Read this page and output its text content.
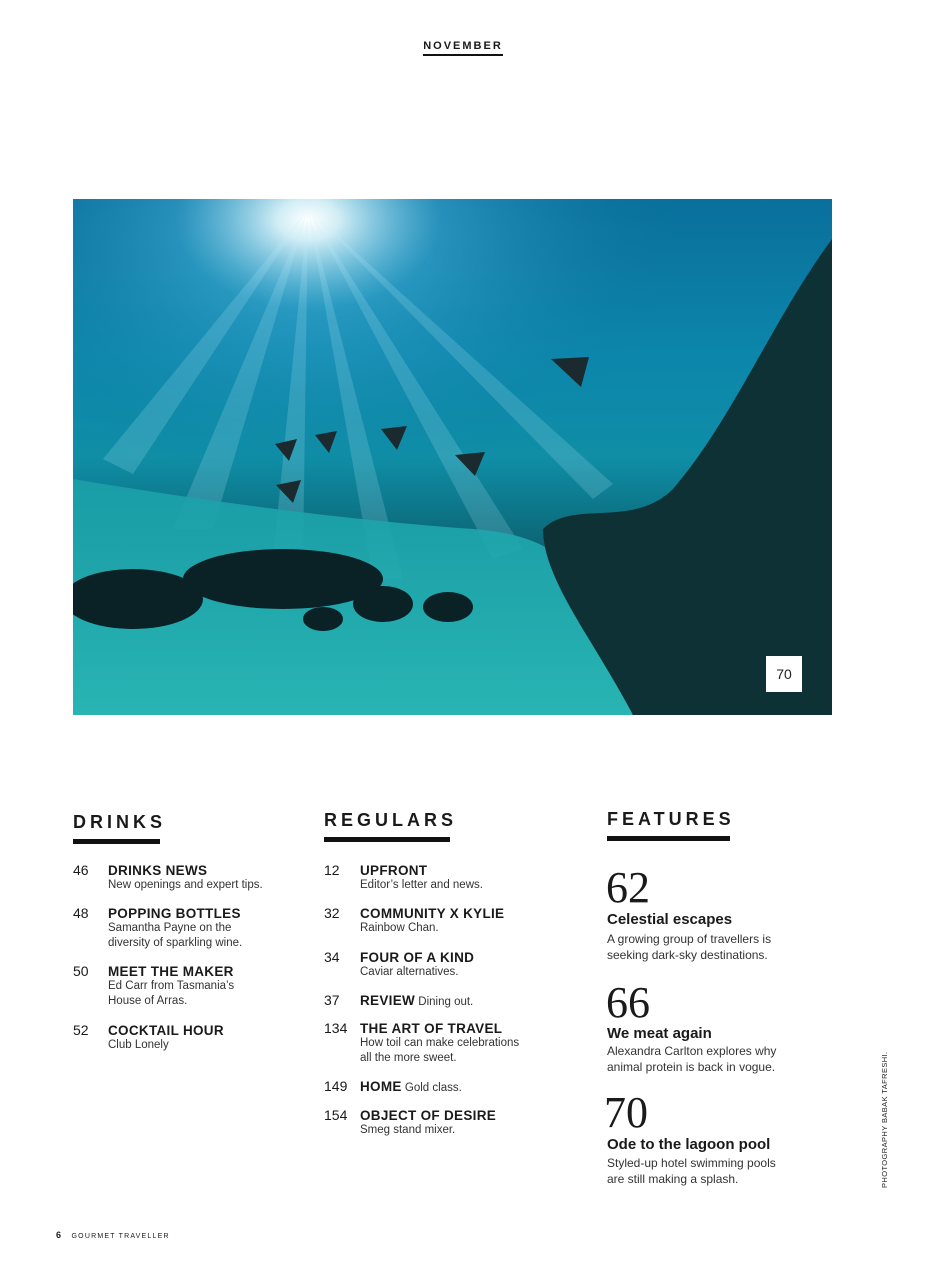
NOVEMBER
70
DRINKS
46 DRINKS NEWS
New openings and expert tips.
48 POPPING BOTTLES
Samantha Payne on the
diversity of sparkling wine.
50 MEET THE MAKER
Ed Carr from Tasmania’s
House of Arras.
52 COCKTAIL HOUR
Club Lonely
REGULARS
12 UPFRONT
Editor’s letter and news.
32 COMMUNITY X KYLIE
Rainbow Chan.
34 FOUR OF A KIND
Caviar alternatives.
37 REVIEW Dining out.
134 THE ART OF TRAVEL
How toil can make celebrations
all the more sweet.
149 HOME Gold class.
154 OBJECT OF DESIRE
Smeg stand mixer.
FEATURES
62
Celestial escapes
A growing group of travellers is
seeking dark-sky destinations.
66
We meat again
Alexandra Carlton explores why
animal protein is back in vogue.
70
Ode to the lagoon pool
Styled-up hotel swimming pools
are still making a splash.	PHOTOGRAPHY BABAK TAFRESHI.
6 GOURMET TRAVELLER
